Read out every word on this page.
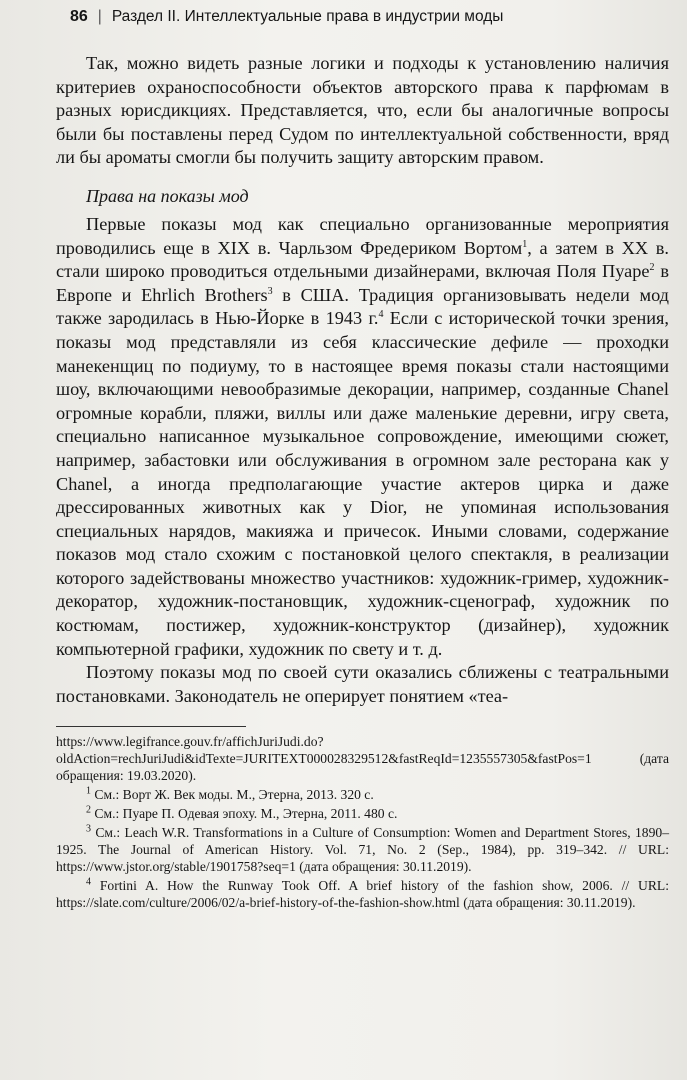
86 | Раздел II. Интеллектуальные права в индустрии моды

Так, можно видеть разные логики и подходы к установлению наличия критериев охраноспособности объектов авторского права к парфюмам в разных юрисдикциях. Представляется, что, если бы аналогичные вопросы были бы поставлены перед Судом по интеллектуальной собственности, вряд ли бы ароматы смогли бы получить защиту авторским правом.

Права на показы мод

Первые показы мод как специально организованные мероприятия проводились еще в XIX в. Чарльзом Фредериком Вортом$^1$, а затем в XX в. стали широко проводиться отдельными дизайнерами, включая Поля Пуаре$^2$ в Европе и Ehrlich Brothers$^3$ в США. Традиция организовывать недели мод также зародилась в Нью-Йорке в 1943 г.$^4$ Если с исторической точки зрения, показы мод представляли из себя классические дефиле — проходки манекенщиц по подиуму, то в настоящее время показы стали настоящими шоу, включающими невообразимые декорации, например, созданные Chanel огромные корабли, пляжи, виллы или даже маленькие деревни, игру света, специально написанное музыкальное сопровождение, имеющими сюжет, например, забастовки или обслуживания в огромном зале ресторана как у Chanel, а иногда предполагающие участие актеров цирка и даже дрессированных животных как у Dior, не упоминая использования специальных нарядов, макияжа и причесок. Иными словами, содержание показов мод стало схожим с постановкой целого спектакля, в реализации которого задействованы множество участников: художник-гример, художник-декоратор, художник-постановщик, художник-сценограф, художник по костюмам, постижер, художник-конструктор (дизайнер), художник компьютерной графики, художник по свету и т. д.

Поэтому показы мод по своей сути оказались сближены с театральными постановками. Законодатель не оперирует понятием «теа-

https://www.legifrance.gouv.fr/affichJuriJudi.do?oldAction=rechJuriJudi&idTexte=JURITEXT000028329512&fastReqId=1235557305&fastPos=1 (дата обращения: 19.03.2020).

$^1$ См.: Ворт Ж. Век моды. М., Этерна, 2013. 320 с.

$^2$ См.: Пуаре П. Одевая эпоху. М., Этерна, 2011. 480 с.

$^3$ См.: Leach W.R. Transformations in a Culture of Consumption: Women and Department Stores, 1890–1925. The Journal of American History. Vol. 71, No. 2 (Sep., 1984), pp. 319–342. // URL: https://www.jstor.org/stable/1901758?seq=1 (дата обращения: 30.11.2019).

$^4$ Fortini A. How the Runway Took Off. A brief history of the fashion show, 2006. // URL: https://slate.com/culture/2006/02/a-brief-history-of-the-fashion-show.html (дата обращения: 30.11.2019).
